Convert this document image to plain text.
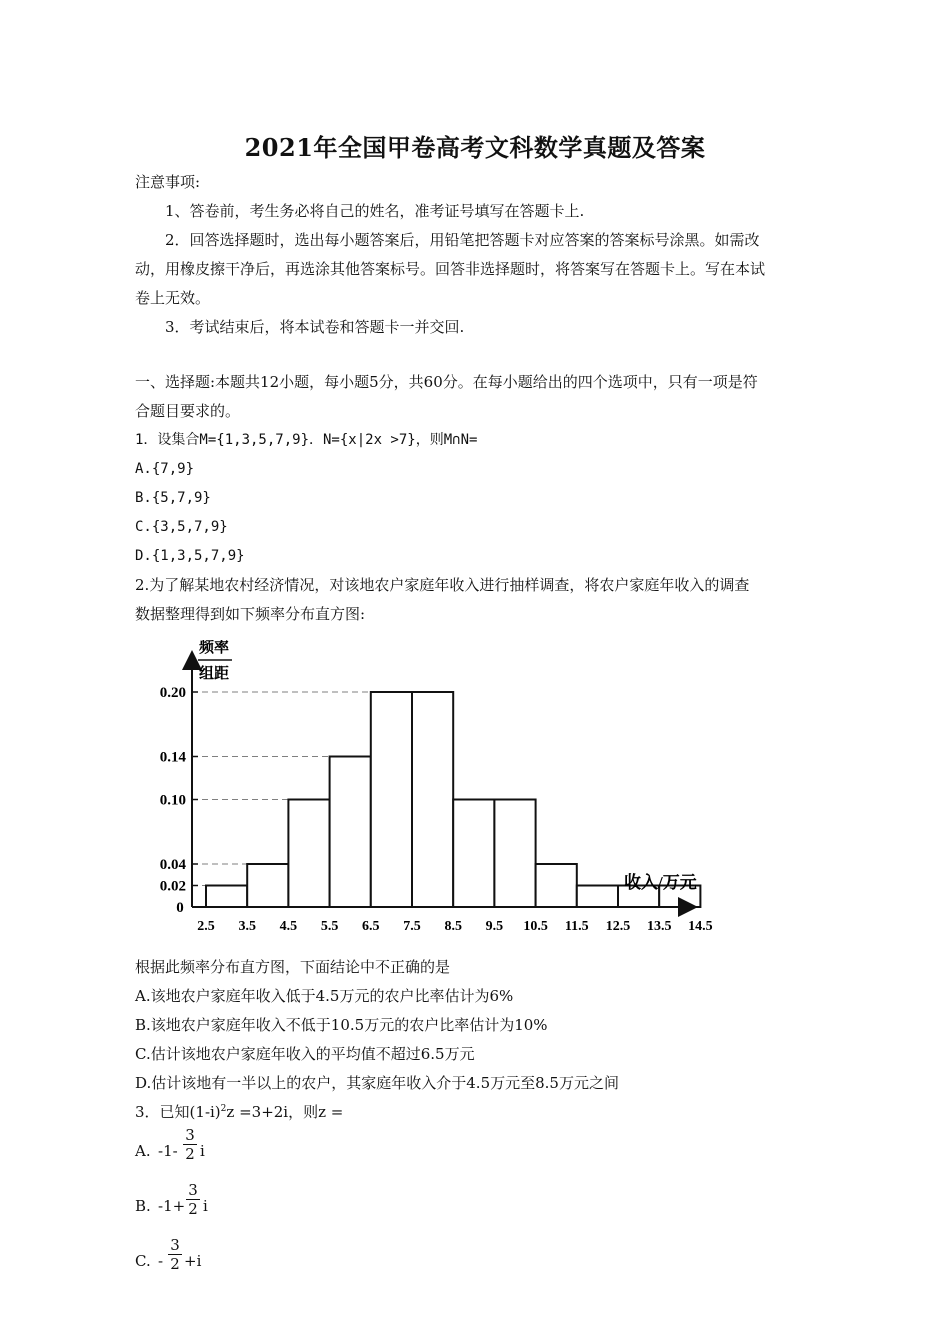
2021年全国甲卷高考文科数学真题及答案
注意事项:
1、答卷前，考生务必将自己的姓名，准考证号填写在答题卡上.
2．回答选择题时，选出每小题答案后，用铅笔把答题卡对应答案的答案标号涂黑。如需改
动，用橡皮擦干净后，再选涂其他答案标号。回答非选择题时，将答案写在答题卡上。写在本试
卷上无效。
3．考试结束后，将本试卷和答题卡一并交回.
一、选择题:本题共12小题，每小题5分，共60分。在每小题给出的四个选项中，只有一项是符
合题目要求的。
1．设集合M={1,3,5,7,9}．N={x|2x >7}，则M∩N=
A.{7,9}
B.{5,7,9}
C.{3,5,7,9}
D.{1,3,5,7,9}
2.为了解某地农村经济情况，对该地农户家庭年收入进行抽样调查，将农户家庭年收入的调查
数据整理得到如下频率分布直方图:
频率
组距
收入/万元
0
0.02
0.04
0.10
0.14
0.20
2.5 3.5 4.5 5.5 6.5 7.5 8.5 9.5 10.5 11.5 12.5 13.5 14.5
根据此频率分布直方图，下面结论中不正确的是
A.该地农户家庭年收入低于4.5万元的农户比率估计为6%
B.该地农户家庭年收入不低于10.5万元的农户比率估计为10%
C.估计该地农户家庭年收入的平均值不超过6.5万元
D.估计该地有一半以上的农户，其家庭年收入介于4.5万元至8.5万元之间
3．已知$(1-i)^2z =3+2i$，则z =
A. $-1- \frac{3}{2}$ i
B. $-1+ \frac{3}{2}$ i
C. - $\frac{3}{2} +i$
